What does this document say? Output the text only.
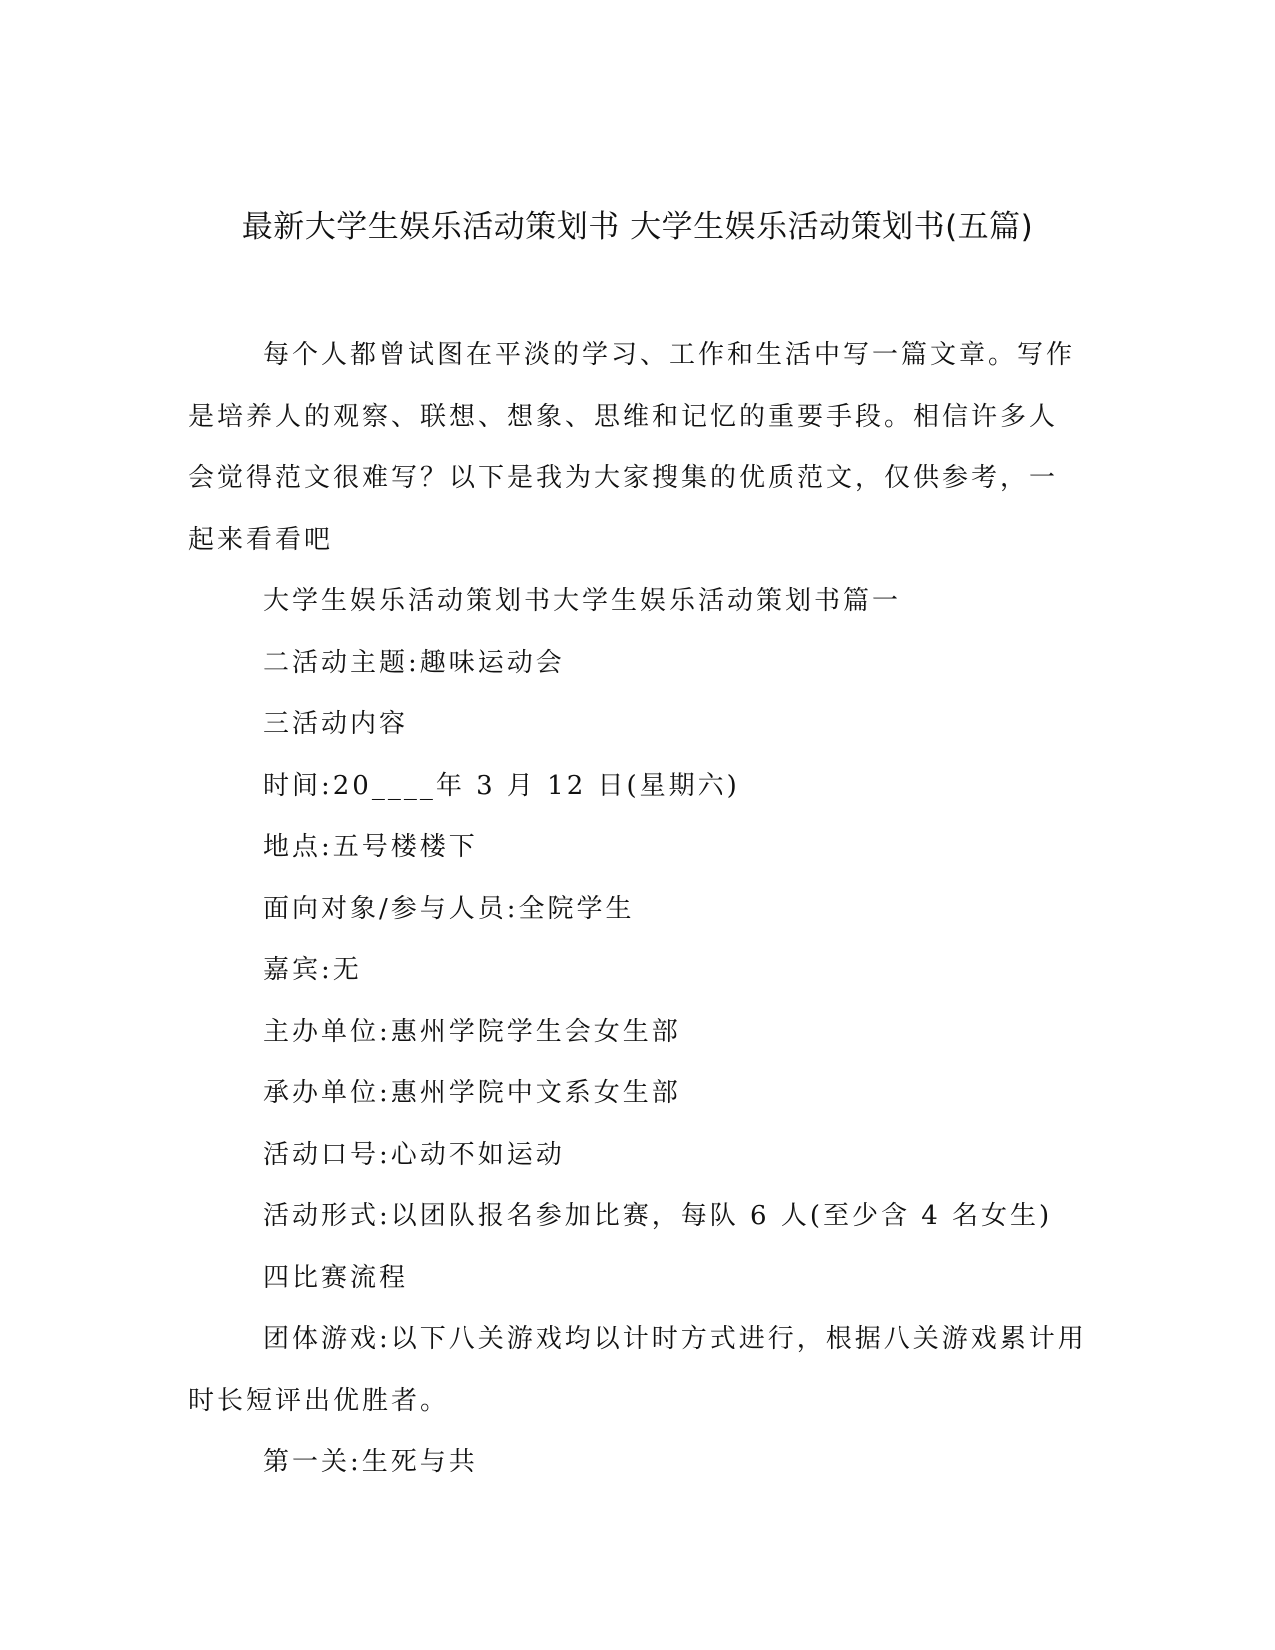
最新大学生娱乐活动策划书 大学生娱乐活动策划书(五篇)
每个人都曾试图在平淡的学习、工作和生活中写一篇文章。写作
是培养人的观察、联想、想象、思维和记忆的重要手段。相信许多人
会觉得范文很难写？以下是我为大家搜集的优质范文，仅供参考，一
起来看看吧
大学生娱乐活动策划书大学生娱乐活动策划书篇一
二活动主题:趣味运动会
三活动内容
时间:20____年 3 月 12 日(星期六)
地点:五号楼楼下
面向对象/参与人员:全院学生
嘉宾:无
主办单位:惠州学院学生会女生部
承办单位:惠州学院中文系女生部
活动口号:心动不如运动
活动形式:以团队报名参加比赛，每队 6 人(至少含 4 名女生)
四比赛流程
团体游戏:以下八关游戏均以计时方式进行，根据八关游戏累计用
时长短评出优胜者。
第一关:生死与共
